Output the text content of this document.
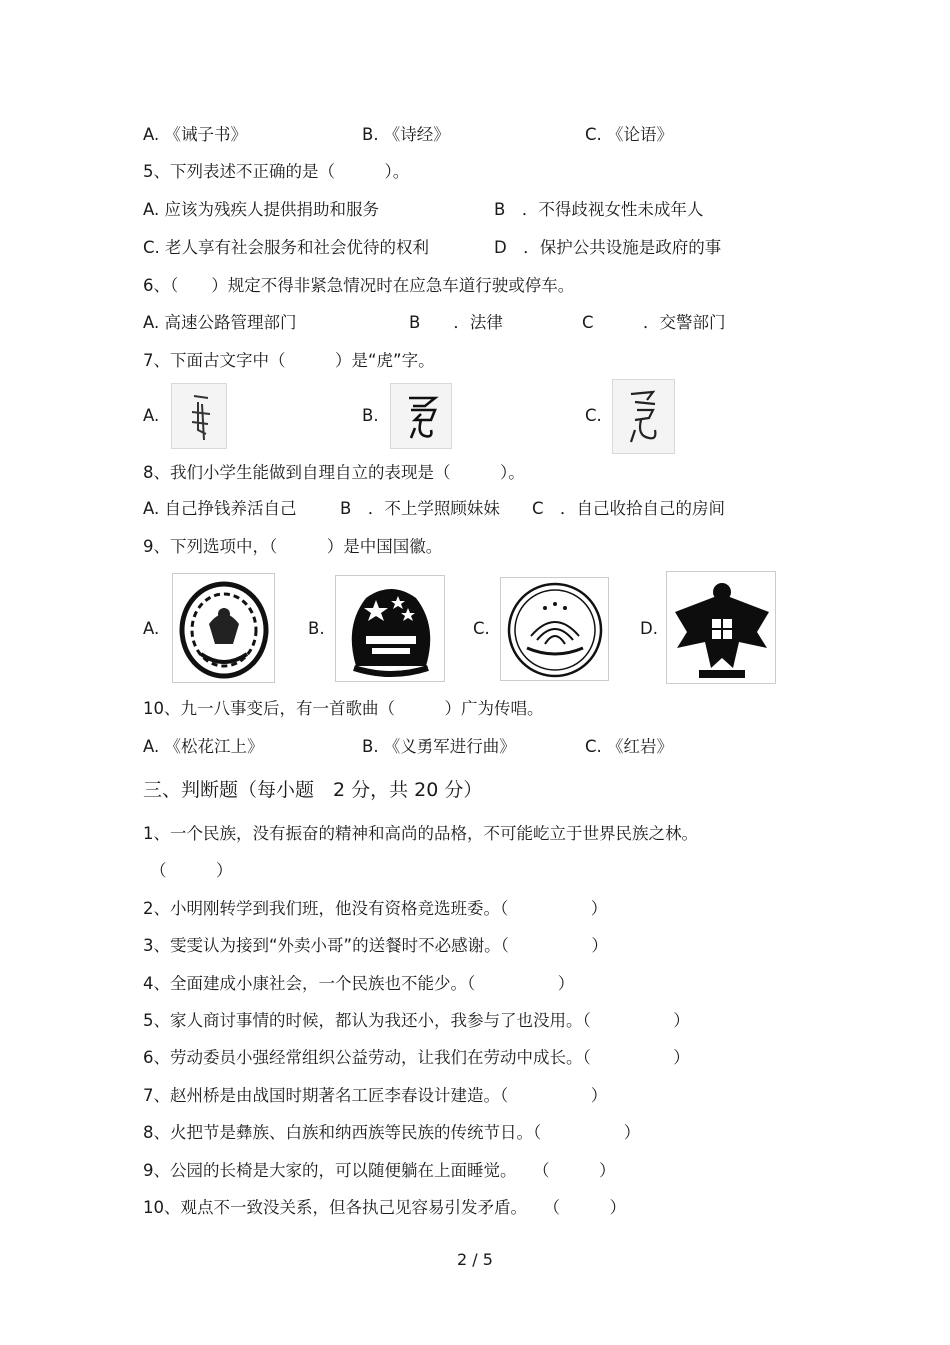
A. 《诫子书》	B. 《诗经》	C. 《论语》
5、下列表述不正确的是（　　　）。
A. 应该为残疾人提供捐助和服务	B　．不得歧视女性未成年人
C. 老人享有社会服务和社会优待的权利	D　．保护公共设施是政府的事
6、（　　）规定不得非紧急情况时在应急车道行驶或停车。
A. 高速公路管理部门	B　　．法律	C　　　．交警部门
7、下面古文字中（　　　）是“虎”字。
A.	B.	C.
8、我们小学生能做到自理自立的表现是（　　　）。
A. 自己挣钱养活自己	B　．不上学照顾妹妹 C　．自己收拾自己的房间
9、下列选项中，（　　　）是中国国徽。
A.	B.	C.	D.
10、九一八事变后，有一首歌曲（　　　）广为传唱。
A. 《松花江上》	B. 《义勇军进行曲》	C. 《红岩》
三、判断题（每小题　2 分，共 20 分）
1、一个民族，没有振奋的精神和高尚的品格，不可能屹立于世界民族之林。
（　　　）
2、小明刚转学到我们班，他没有资格竞选班委。（　　　　　）
3、雯雯认为接到“外卖小哥”的送餐时不必感谢。（　　　　　）
4、全面建成小康社会，一个民族也不能少。（　　　　　）
5、家人商讨事情的时候，都认为我还小，我参与了也没用。（　　　　　）
6、劳动委员小强经常组织公益劳动，让我们在劳动中成长。（　　　　　）
7、赵州桥是由战国时期著名工匠李春设计建造。（　　　　　）
8、火把节是彝族、白族和纳西族等民族的传统节日。（　　　　　）
9、公园的长椅是大家的，可以随便躺在上面睡觉。　　（　　　）
10、观点不一致没关系，但各执己见容易引发矛盾。　　（　　　）
2 / 5
